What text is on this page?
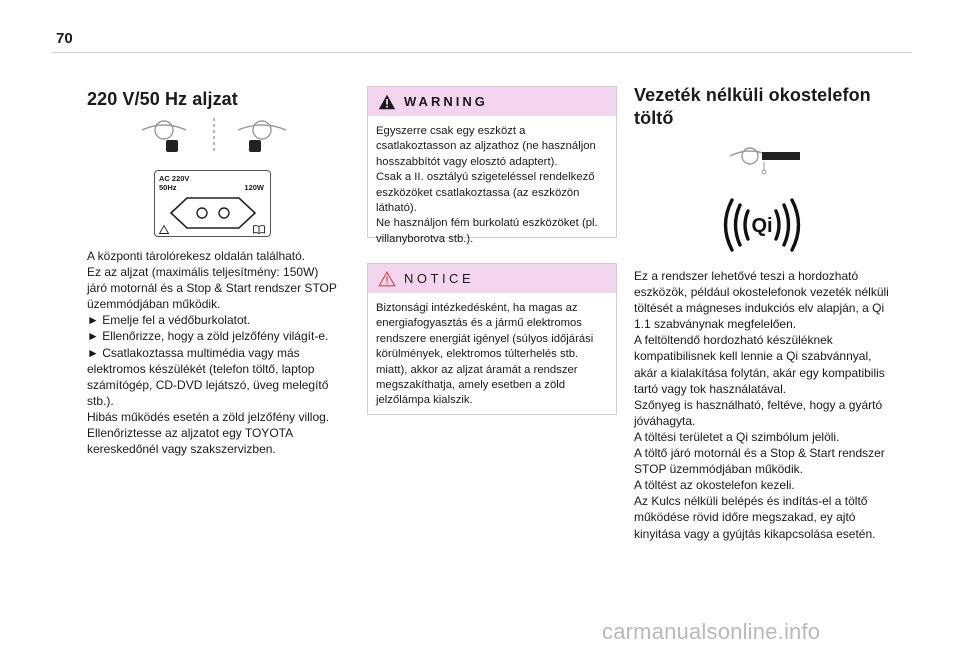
70
220 V/50 Hz aljzat
AC 220V
50Hz	120W
A központi tárolórekesz oldalán található.
Ez az aljzat (maximális teljesítmény: 150W)
járó motornál és a Stop & Start rendszer STOP
üzemmódjában működik.
► Emelje fel a védőburkolatot.
► Ellenőrizze, hogy a zöld jelzőfény világít-e.
► Csatlakoztassa multimédia vagy más
elektromos készülékét (telefon töltő, laptop
számítógép, CD-DVD lejátszó, üveg melegítő
stb.).
Hibás működés esetén a zöld jelzőfény villog.
Ellenőriztesse az aljzatot egy TOYOTA
kereskedőnél vagy szakszervizben.
WARNING
Egyszerre csak egy eszközt a
csatlakoztasson az aljzathoz (ne használjon
hosszabbítót vagy elosztó adaptert).
Csak a II. osztályú szigeteléssel rendelkező
eszközöket csatlakoztassa (az eszközön
látható).
Ne használjon fém burkolatú eszközöket (pl.
villanyborotva stb.).
NOTICE
Biztonsági intézkedésként, ha magas az
energiafogyasztás és a jármű elektromos
rendszere energiát igényel (súlyos időjárási
körülmények, elektromos túlterhelés stb.
miatt), akkor az aljzat áramát a rendszer
megszakíthatja, amely esetben a zöld
jelzőlámpa kialszik.
Vezeték nélküli okostelefon
töltő
Qi
Ez a rendszer lehetővé teszi a hordozható
eszközök, például okostelefonok vezeték nélküli
töltését a mágneses indukciós elv alapján, a Qi
1.1 szabványnak megfelelően.
A feltöltendő hordozható készüléknek
kompatibilisnek kell lennie a Qi szabvánnyal,
akár a kialakítása folytán, akár egy kompatibilis
tartó vagy tok használatával.
Szőnyeg is használható, feltéve, hogy a gyártó
jóváhagyta.
A töltési területet a Qi szimbólum jelöli.
A töltő járó motornál és a Stop & Start rendszer
STOP üzemmódjában működik.
A töltést az okostelefon kezeli.
Az Kulcs nélküli belépés és indítás-el a töltő
működése rövid időre megszakad, ey ajtó
kinyitása vagy a gyújtás kikapcsolása esetén.
carmanualsonline.info
